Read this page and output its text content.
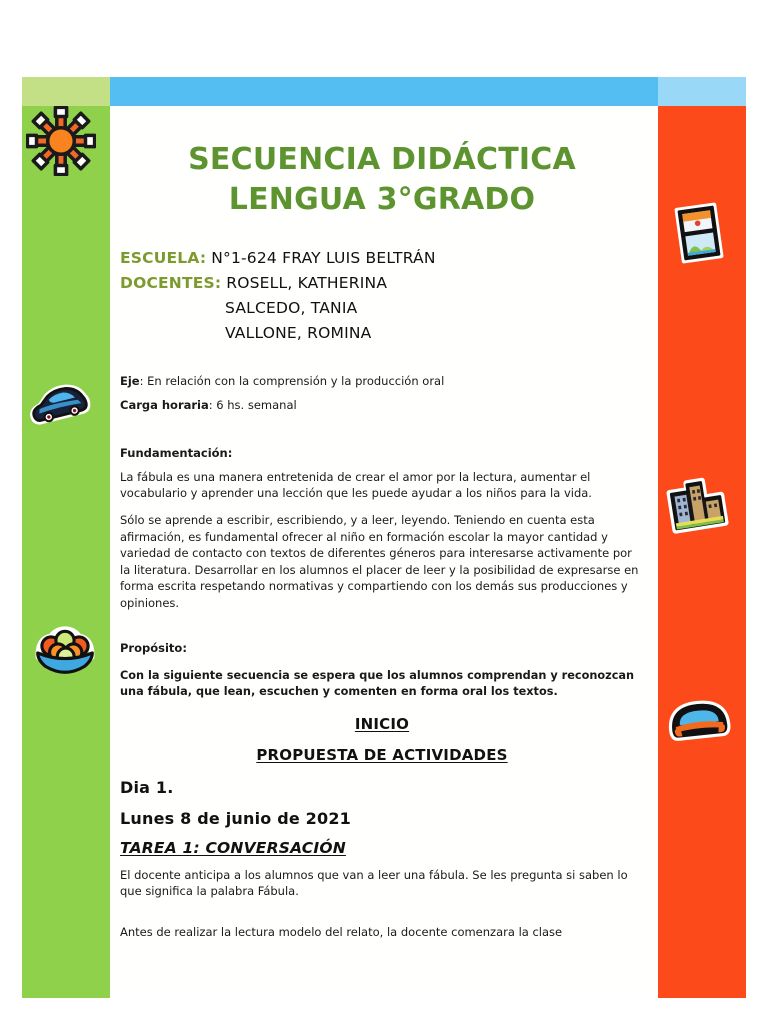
SECUENCIA DIDÁCTICA
LENGUA 3°GRADO
ESCUELA: N°1-624 FRAY LUIS BELTRÁN
DOCENTES: ROSELL, KATHERINA
SALCEDO, TANIA
VALLONE, ROMINA
Eje: En relación con la comprensión y la producción oral
Carga horaria: 6 hs. semanal
Fundamentación:

La fábula es una manera entretenida de crear el amor por la lectura, aumentar el vocabulario y aprender una lección que les puede ayudar a los niños para la vida.

Sólo se aprende a escribir, escribiendo, y a leer, leyendo. Teniendo en cuenta esta afirmación, es fundamental ofrecer al niño en formación escolar la mayor cantidad y variedad de contacto con textos de diferentes géneros para interesarse activamente por la literatura. Desarrollar en los alumnos el placer de leer y la posibilidad de expresarse en forma escrita respetando normativas y compartiendo con los demás sus producciones y opiniones.

Propósito:

Con la siguiente secuencia se espera que los alumnos comprendan y reconozcan una fábula, que lean, escuchen y comenten en forma oral los textos.

INICIO
PROPUESTA DE ACTIVIDADES
Dia 1.
Lunes 8 de junio de 2021
TAREA 1: CONVERSACIÓN

El docente anticipa a los alumnos que van a leer una fábula. Se les pregunta si saben lo que significa la palabra Fábula.

Antes de realizar la lectura modelo del relato, la docente comenzara la clase
